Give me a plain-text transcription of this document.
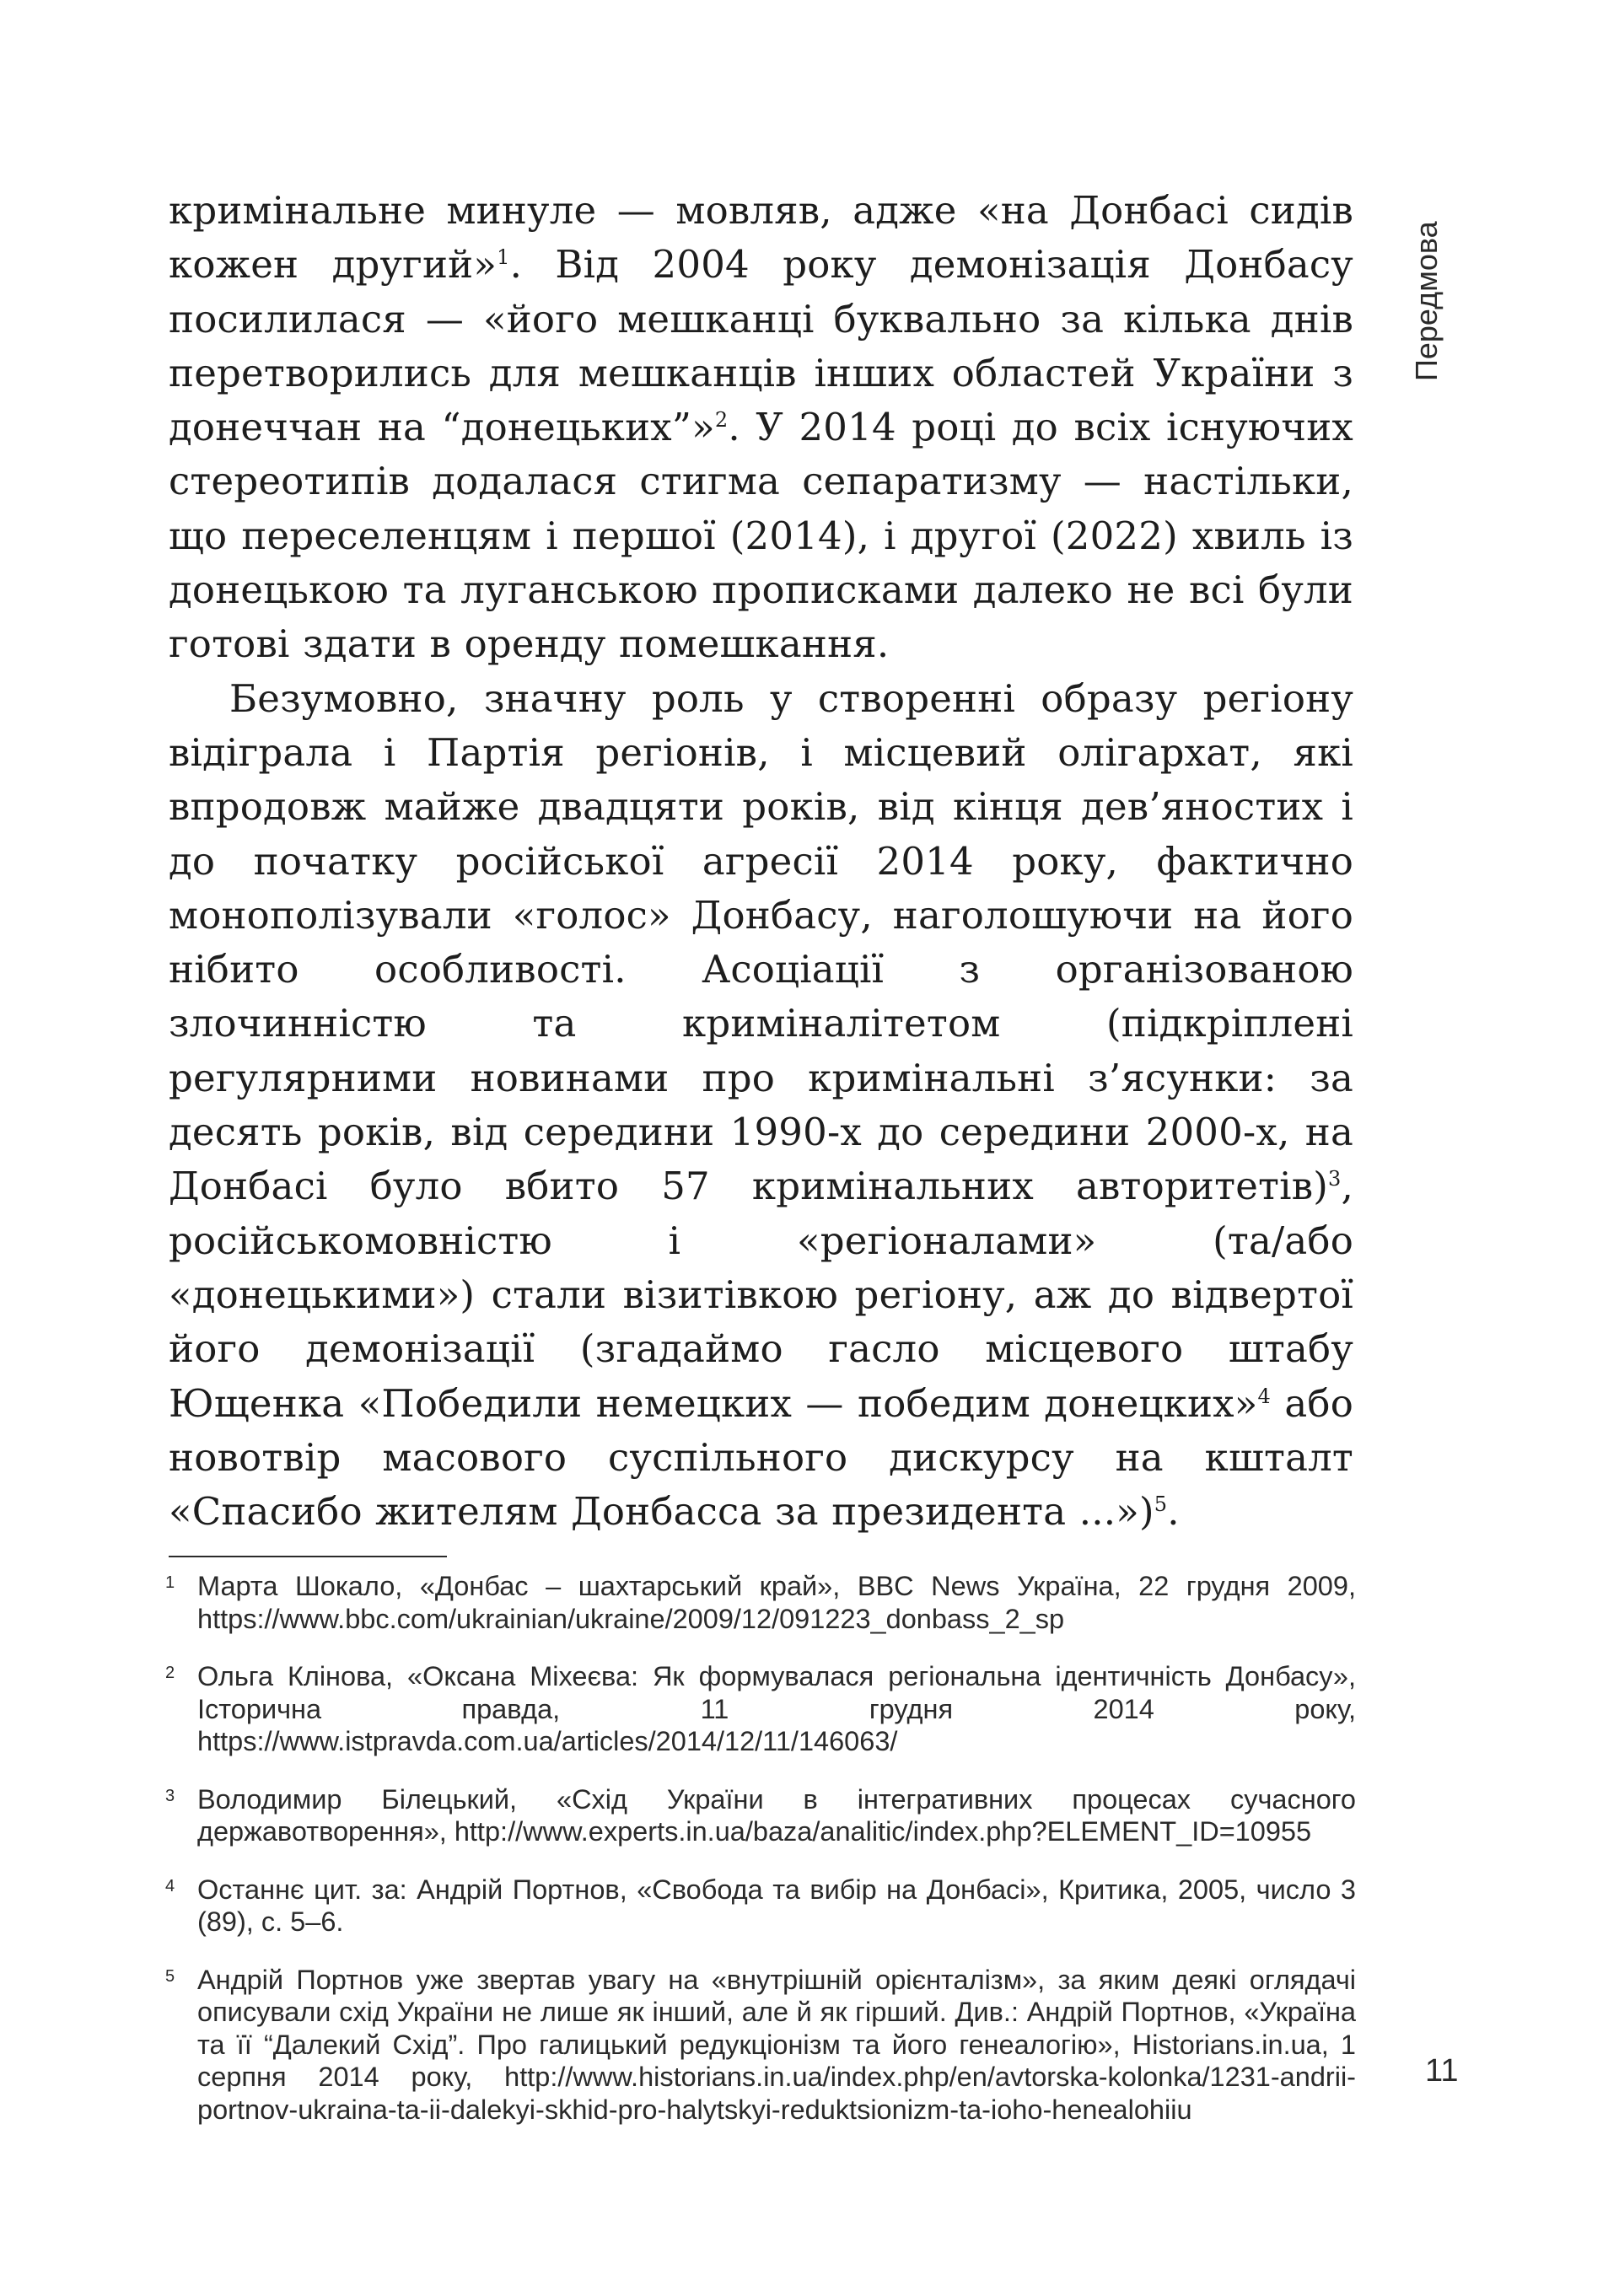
Передмова

кримінальне минуле — мовляв, адже «на Донбасі сидів кожен другий»$^1$. Від 2004 року демонізація Донбасу посилилася — «його мешканці буквально за кілька днів перетворились для мешканців інших областей України з донеччан на “донецьких”»$^2$. У 2014 році до всіх існуючих стереотипів додалася стигма сепаратизму — настільки, що переселенцям і першої (2014), і другої (2022) хвиль із донецькою та луганською прописками далеко не всі були готові здати в оренду помешкання.

Безумовно, значну роль у створенні образу регіону відіграла і Партія регіонів, і місцевий олігархат, які впродовж майже двадцяти років, від кінця дев’яностих і до початку російської агресії 2014 року, фактично монополізували «голос» Донбасу, наголошуючи на його нібито особливості. Асоціації з організованою злочинністю та криміналітетом (підкріплені регулярними новинами про кримінальні з’ясунки: за десять років, від середини 1990-х до середини 2000-х, на Донбасі було вбито 57 кримінальних авторитетів)$^3$, російськомовністю і «регіоналами» (та/або «донецькими») стали візитівкою регіону, аж до відвертої його демонізації (згадаймо гасло місцевого штабу Ющенка «Победили немецких — победим донецких»$^4$ або новотвір масового суспільного дискурсу на кшталт «Спасибо жителям Донбасса за президента ...»)$^5$.

1 Марта Шокало, «Донбас – шахтарський край», BBC News Україна, 22 грудня 2009, https://www.bbc.com/ukrainian/ukraine/2009/12/091223_donbass_2_sp
2 Ольга Клінова, «Оксана Міхеєва: Як формувалася регіональна ідентичність Донбасу», Історична правда, 11 грудня 2014 року, https://www.istpravda.com.ua/articles/2014/12/11/146063/
3 Володимир Білецький, «Схід України в інтегративних процесах сучасного державотворення», http://www.experts.in.ua/baza/analitic/index.php?ELEMENT_ID=10955
4 Останнє цит. за: Андрій Портнов, «Свобода та вибір на Донбасі», Критика, 2005, число 3 (89), с. 5–6.
5 Андрій Портнов уже звертав увагу на «внутрішній орієнталізм», за яким деякі оглядачі описували схід України не лише як інший, але й як гірший. Див.: Андрій Портнов, «Україна та її “Далекий Схід”. Про галицький редукціонізм та його генеалогію», Historians.in.ua, 1 серпня 2014 року, http://www.historians.in.ua/index.php/en/avtorska-kolonka/1231-andrii-portnov-ukraina-ta-ii-dalekyi-skhid-pro-halytskyi-reduktsionizm-ta-ioho-henealohiiu
11
